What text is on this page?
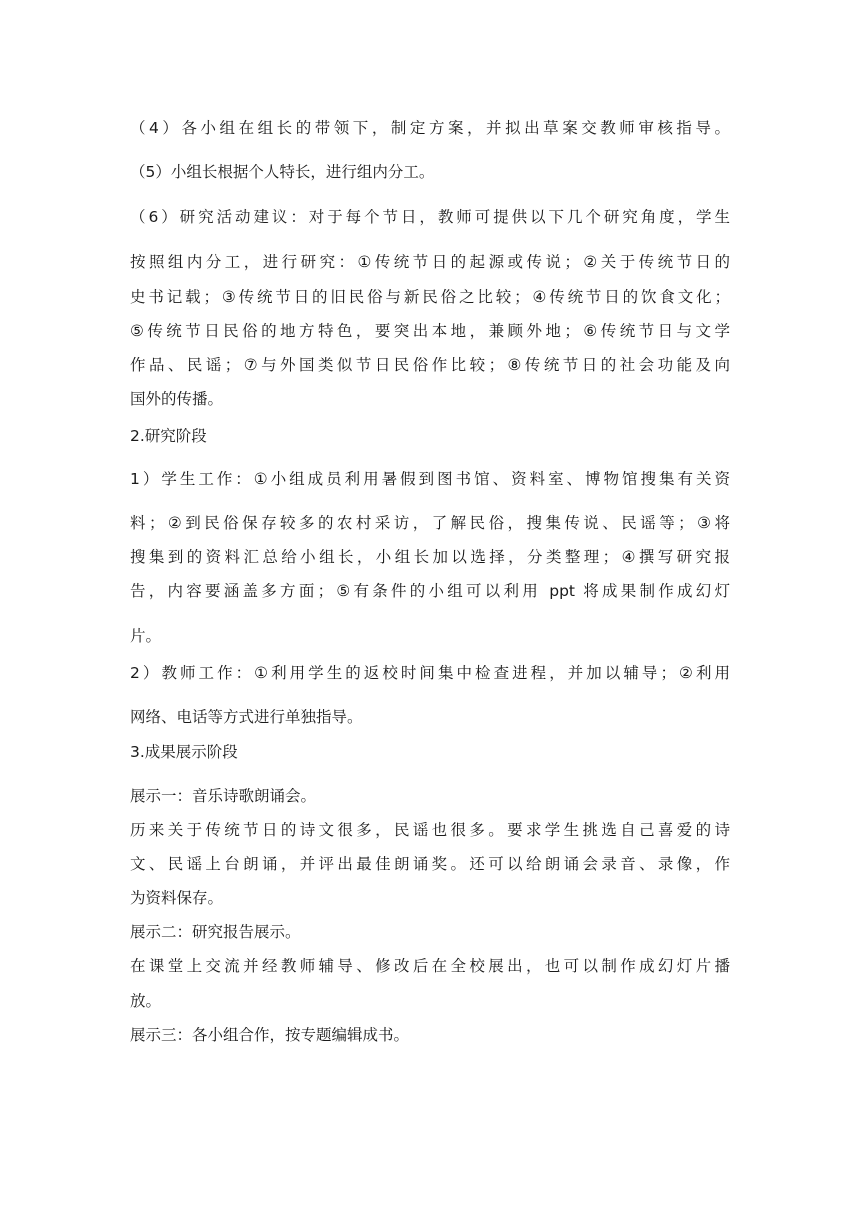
（4）各小组在组长的带领下，制定方案，并拟出草案交教师审核指导。
（5）小组长根据个人特长，进行组内分工。
（6）研究活动建议：对于每个节日，教师可提供以下几个研究角度，学生
按照组内分工，进行研究：①传统节日的起源或传说；②关于传统节日的
史书记载；③传统节日的旧民俗与新民俗之比较；④传统节日的饮食文化；
⑤传统节日民俗的地方特色，要突出本地，兼顾外地；⑥传统节日与文学
作品、民谣；⑦与外国类似节日民俗作比较；⑧传统节日的社会功能及向
国外的传播。
2.研究阶段
1）学生工作：①小组成员利用暑假到图书馆、资料室、博物馆搜集有关资
料；②到民俗保存较多的农村采访，了解民俗，搜集传说、民谣等；③将
搜集到的资料汇总给小组长，小组长加以选择，分类整理；④撰写研究报
告，内容要涵盖多方面；⑤有条件的小组可以利用 ppt 将成果制作成幻灯
片。
2）教师工作：①利用学生的返校时间集中检查进程，并加以辅导；②利用
网络、电话等方式进行单独指导。
3.成果展示阶段
展示一：音乐诗歌朗诵会。
历来关于传统节日的诗文很多，民谣也很多。要求学生挑选自己喜爱的诗
文、民谣上台朗诵，并评出最佳朗诵奖。还可以给朗诵会录音、录像，作
为资料保存。
展示二：研究报告展示。
在课堂上交流并经教师辅导、修改后在全校展出，也可以制作成幻灯片播
放。
展示三：各小组合作，按专题编辑成书。
